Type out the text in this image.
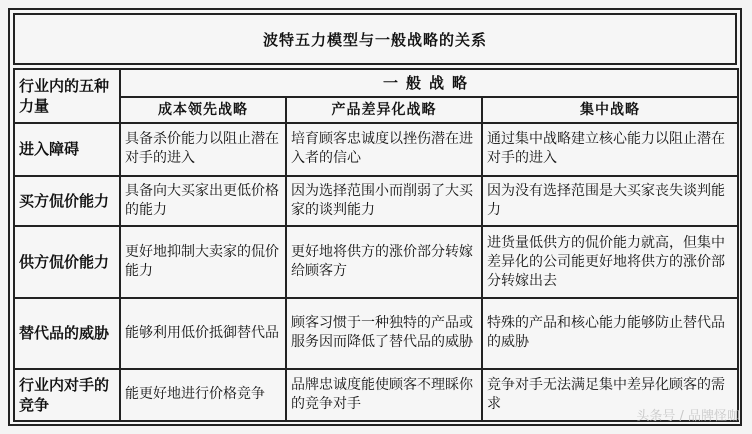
波特五力模型与一般战略的关系
行业内的五种力量	一般战略		
	成本领先战略	产品差异化战略	集中战略
进入障碍	具备杀价能力以阻止潜在对手的进入	培育顾客忠诚度以挫伤潜在进入者的信心	通过集中战略建立核心能力以阻止潜在对手的进入
买方侃价能力	具备向大买家出更低价格的能力	因为选择范围小而削弱了大买家的谈判能力	因为没有选择范围是大买家丧失谈判能力
供方侃价能力	更好地抑制大卖家的侃价能力	更好地将供方的涨价部分转嫁给顾客方	进货量低供方的侃价能力就高，但集中差异化的公司能更好地将供方的涨价部分转嫁出去
替代品的威胁	能够利用低价抵御替代品	顾客习惯于一种独特的产品或服务因而降低了替代品的威胁	特殊的产品和核心能力能够防止替代品的威胁
行业内对手的竞争	能更好地进行价格竞争	品牌忠诚度能使顾客不理睬你的竞争对手	竞争对手无法满足集中差异化顾客的需求
头条号 / 品牌怪咖
